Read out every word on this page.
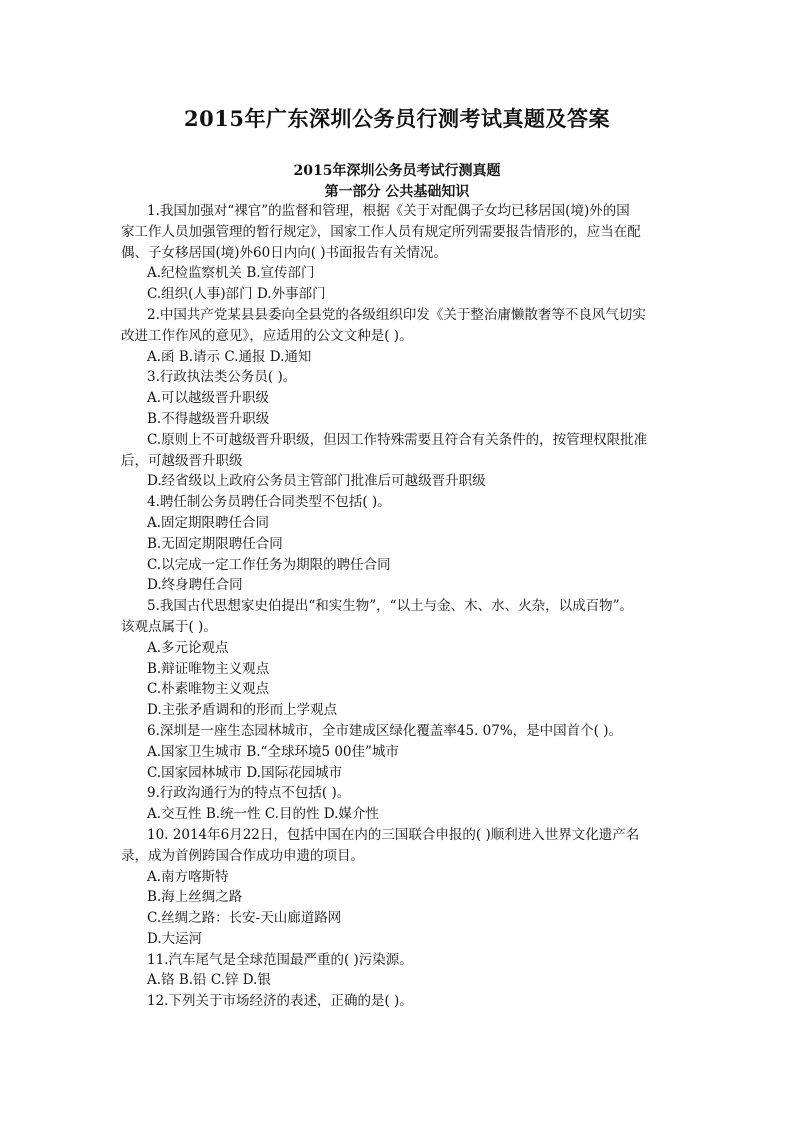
2015年广东深圳公务员行测考试真题及答案
2015年深圳公务员考试行测真题
第一部分 公共基础知识
1.我国加强对“裸官”的监督和管理，根据《关于对配偶子女均已移居国(境)外的国
家工作人员加强管理的暂行规定》，国家工作人员有规定所列需要报告情形的，应当在配
偶、子女移居国(境)外60日内向( )书面报告有关情况。
A.纪检监察机关 B.宣传部门
C.组织(人事)部门 D.外事部门
2.中国共产党某县县委向全县党的各级组织印发《关于整治庸懒散奢等不良风气切实
改进工作作风的意见》，应适用的公文文种是( )。
A.函 B.请示 C.通报 D.通知
3.行政执法类公务员( )。
A.可以越级晋升职级
B.不得越级晋升职级
C.原则上不可越级晋升职级，但因工作特殊需要且符合有关条件的，按管理权限批准
后，可越级晋升职级
D.经省级以上政府公务员主管部门批准后可越级晋升职级
4.聘任制公务员聘任合同类型不包括( )。
A.固定期限聘任合同
B.无固定期限聘任合同
C.以完成一定工作任务为期限的聘任合同
D.终身聘任合同
5.我国古代思想家史伯提出“和实生物”，“以土与金、木、水、火杂，以成百物”。
该观点属于( )。
A.多元论观点
B.辩证唯物主义观点
C.朴素唯物主义观点
D.主张矛盾调和的形而上学观点
6.深圳是一座生态园林城市，全市建成区绿化覆盖率45. 07%，是中国首个( )。
A.国家卫生城市 B.“全球环境5 00佳”城市
C.国家园林城市 D.国际花园城市
9.行政沟通行为的特点不包括( )。
A.交互性 B.统一性 C.目的性 D.媒介性
10. 2014年6月22日，包括中国在内的三国联合申报的( )顺利进入世界文化遗产名
录，成为首例跨国合作成功申遗的项目。
A.南方喀斯特
B.海上丝绸之路
C.丝绸之路：长安-天山廊道路网
D.大运河
11.汽车尾气是全球范围最严重的( )污染源。
A.铬 B.铅 C.锌 D.银
12.下列关于市场经济的表述，正确的是( )。
